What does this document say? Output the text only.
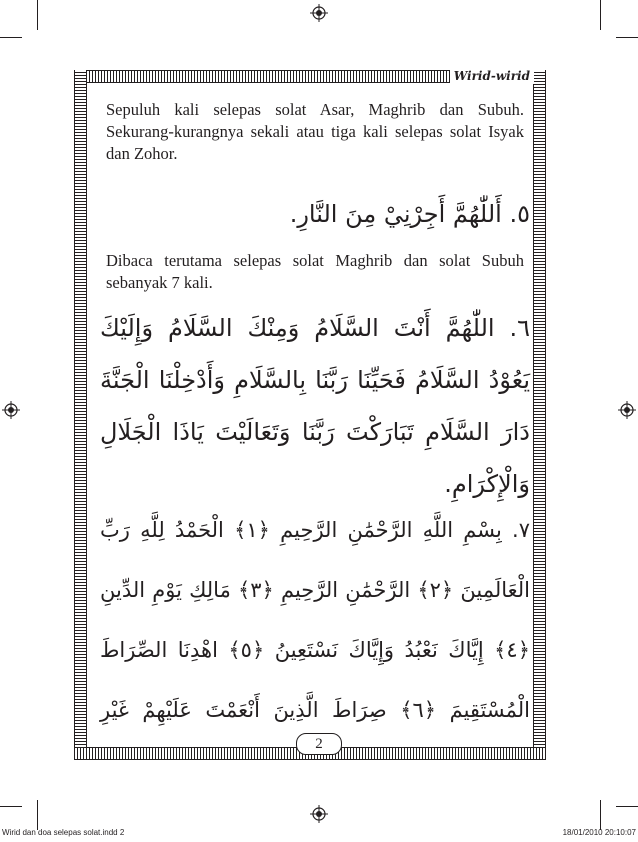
Wirid-wirid
Sepuluh kali selepas solat Asar, Maghrib dan Subuh. Sekurang-kurangnya sekali atau tiga kali selepas solat Isyak dan Zohor.
٥. أَللّٰهُمَّ أَجِرْنِيْ مِنَ النَّارِ.
Dibaca terutama selepas solat Maghrib dan solat Subuh sebanyak 7 kali.
٦. اللّٰهُمَّ أَنْتَ السَّلَامُ وَمِنْكَ السَّلَامُ وَإِلَيْكَ يَعُوْدُ السَّلَامُ فَحَيِّنَا رَبَّنَا بِالسَّلَامِ وَأَدْخِلْنَا الْجَنَّةَ دَارَ السَّلَامِ تَبَارَكْتَ رَبَّنَا وَتَعَالَيْتَ يَاذَا الْجَلَالِ وَالْإِكْرَامِ.
٧. بِسْمِ اللَّهِ الرَّحْمَٰنِ الرَّحِيمِ ﴿١﴾ الْحَمْدُ لِلَّهِ رَبِّ الْعَالَمِينَ ﴿٢﴾ الرَّحْمَٰنِ الرَّحِيمِ ﴿٣﴾ مَالِكِ يَوْمِ الدِّينِ ﴿٤﴾ إِيَّاكَ نَعْبُدُ وَإِيَّاكَ نَسْتَعِينُ ﴿٥﴾ اهْدِنَا الصِّرَاطَ الْمُسْتَقِيمَ ﴿٦﴾ صِرَاطَ الَّذِينَ أَنْعَمْتَ عَلَيْهِمْ غَيْرِ
2
Wirid dan doa selepas solat.indd 2	18/01/2010 20:10:07
